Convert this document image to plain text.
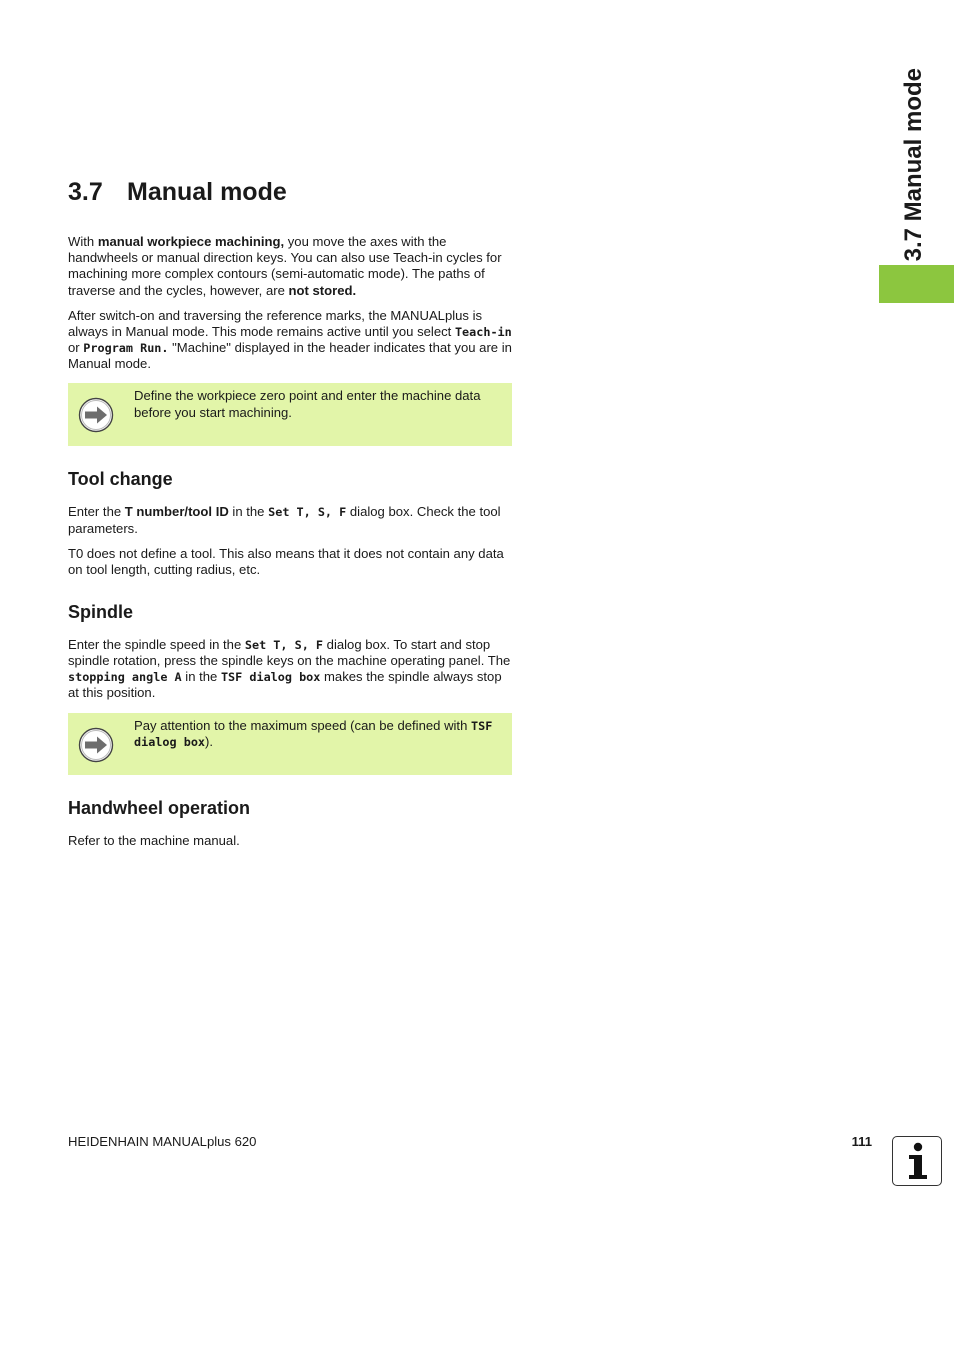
3.7 Manual mode
3.7 Manual mode

With manual workpiece machining, you move the axes with the handwheels or manual direction keys. You can also use Teach-in cycles for machining more complex contours (semi-automatic mode). The paths of traverse and the cycles, however, are not stored.

After switch-on and traversing the reference marks, the MANUALplus is always in Manual mode. This mode remains active until you select Teach-in or Program Run. "Machine" displayed in the header indicates that you are in Manual mode.

Define the workpiece zero point and enter the machine data before you start machining.
Tool change

Enter the T number/tool ID in the Set T, S, F dialog box. Check the tool parameters.

T0 does not define a tool. This also means that it does not contain any data on tool length, cutting radius, etc.

Spindle

Enter the spindle speed in the Set T, S, F dialog box. To start and stop spindle rotation, press the spindle keys on the machine operating panel. The stopping angle A in the TSF dialog box makes the spindle always stop at this position.

Pay attention to the maximum speed (can be defined with TSF dialog box).
Handwheel operation

Refer to the machine manual.

HEIDENHAIN MANUALplus 620	111
